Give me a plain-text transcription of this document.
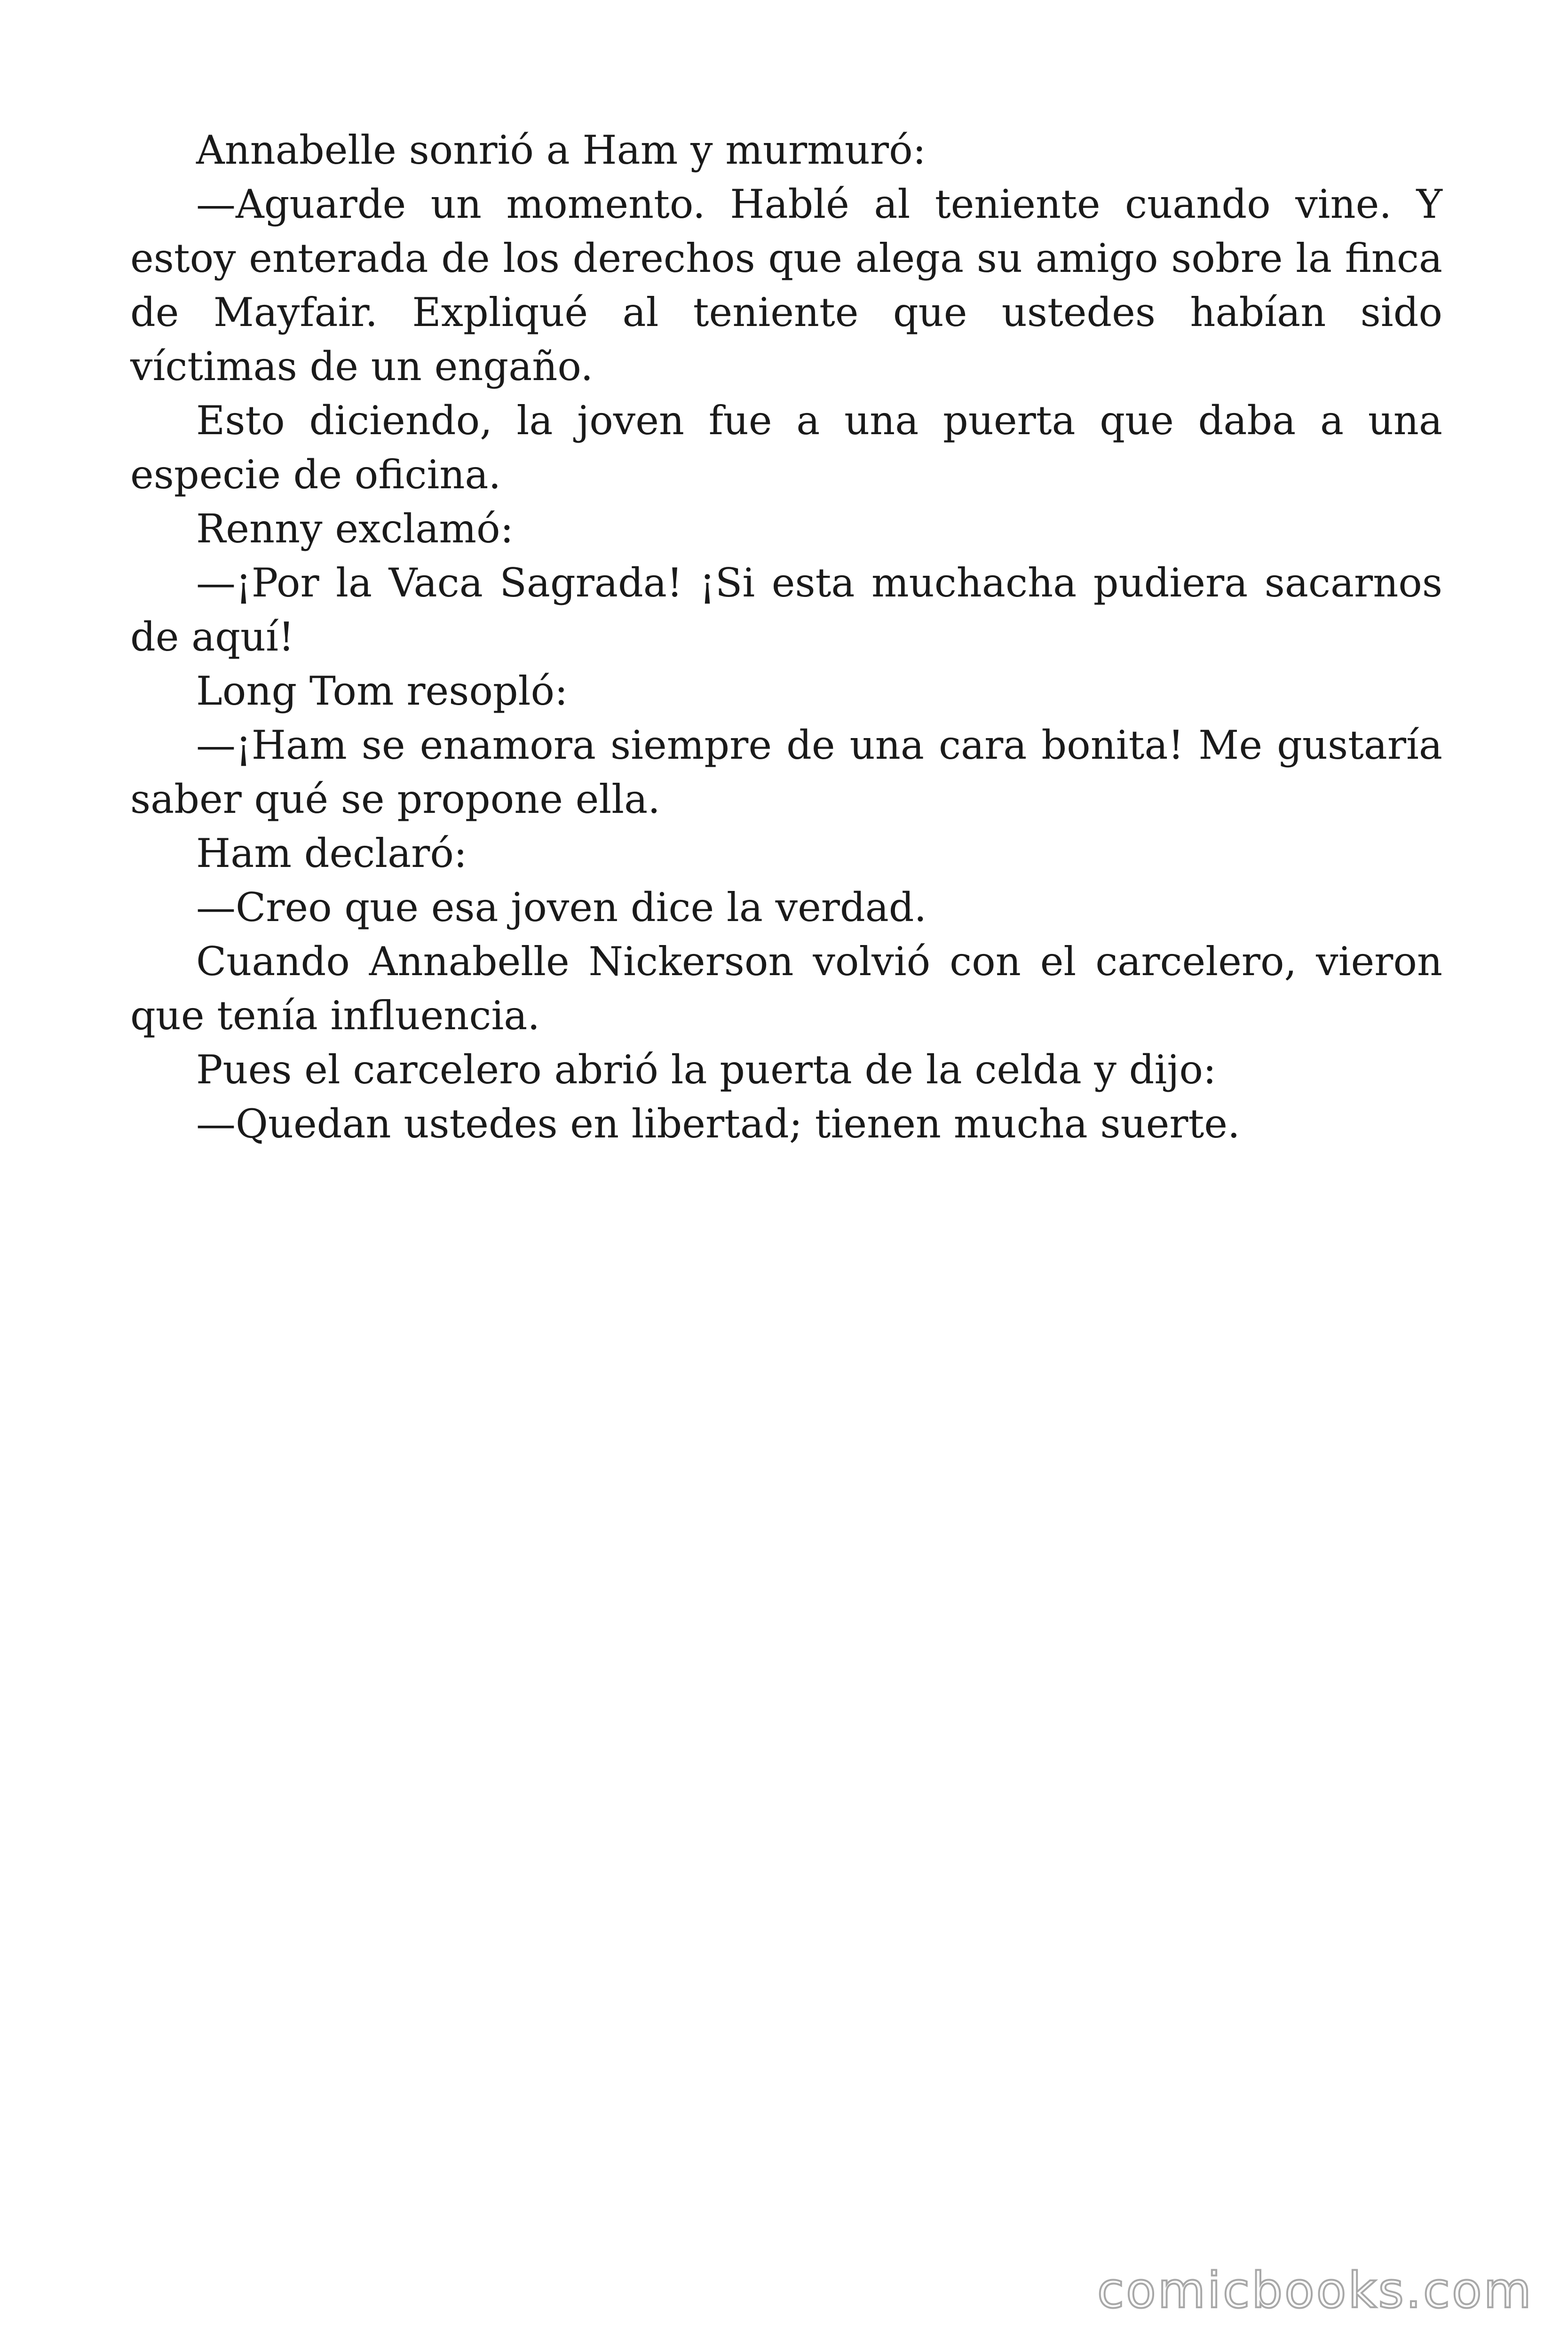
Annabelle sonrió a Ham y murmuró:

—Aguarde un momento. Hablé al teniente cuando vine. Y estoy enterada de los derechos que alega su amigo sobre la finca de Mayfair. Expliqué al teniente que ustedes habían sido víctimas de un engaño.

Esto diciendo, la joven fue a una puerta que daba a una especie de oficina.

Renny exclamó:

—¡Por la Vaca Sagrada! ¡Si esta muchacha pudiera sacarnos de aquí!

Long Tom resopló:

—¡Ham se enamora siempre de una cara bonita! Me gustaría saber qué se propone ella.

Ham declaró:

—Creo que esa joven dice la verdad.

Cuando Annabelle Nickerson volvió con el carcelero, vieron que tenía influencia.

Pues el carcelero abrió la puerta de la celda y dijo:

—Quedan ustedes en libertad; tienen mucha suerte.

comicbooks.com
